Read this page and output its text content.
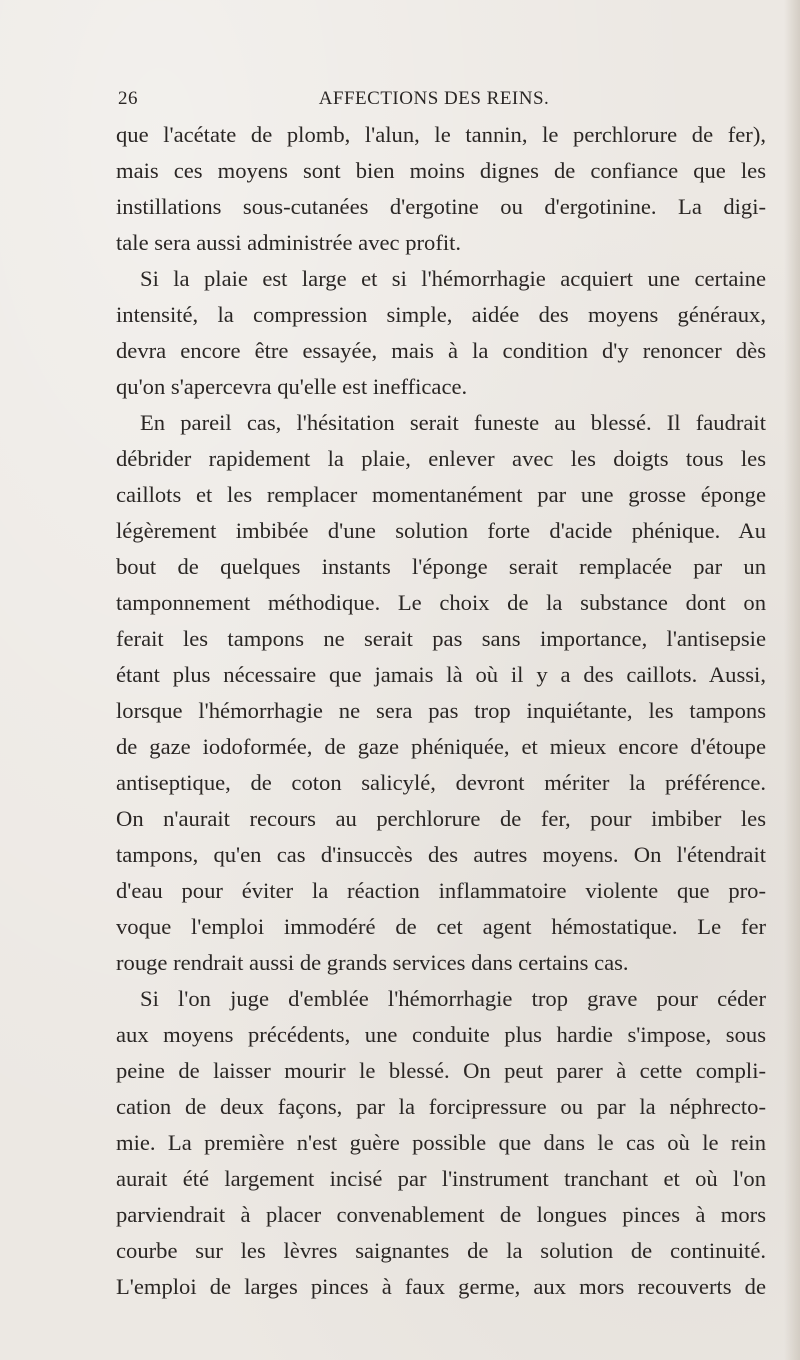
26	AFFECTIONS DES REINS.
que l'acétate de plomb, l'alun, le tannin, le perchlorure de fer),
mais ces moyens sont bien moins dignes de confiance que les
instillations sous-cutanées d'ergotine ou d'ergotinine. La digi-
tale sera aussi administrée avec profit.
Si la plaie est large et si l'hémorrhagie acquiert une certaine
intensité, la compression simple, aidée des moyens généraux,
devra encore être essayée, mais à la condition d'y renoncer dès
qu'on s'apercevra qu'elle est inefficace.
En pareil cas, l'hésitation serait funeste au blessé. Il faudrait
débrider rapidement la plaie, enlever avec les doigts tous les
caillots et les remplacer momentanément par une grosse éponge
légèrement imbibée d'une solution forte d'acide phénique. Au
bout de quelques instants l'éponge serait remplacée par un
tamponnement méthodique. Le choix de la substance dont on
ferait les tampons ne serait pas sans importance, l'antisepsie
étant plus nécessaire que jamais là où il y a des caillots. Aussi,
lorsque l'hémorrhagie ne sera pas trop inquiétante, les tampons
de gaze iodoformée, de gaze phéniquée, et mieux encore d'étoupe
antiseptique, de coton salicylé, devront mériter la préférence.
On n'aurait recours au perchlorure de fer, pour imbiber les
tampons, qu'en cas d'insuccès des autres moyens. On l'étendrait
d'eau pour éviter la réaction inflammatoire violente que pro-
voque l'emploi immodéré de cet agent hémostatique. Le fer
rouge rendrait aussi de grands services dans certains cas.
Si l'on juge d'emblée l'hémorrhagie trop grave pour céder
aux moyens précédents, une conduite plus hardie s'impose, sous
peine de laisser mourir le blessé. On peut parer à cette compli-
cation de deux façons, par la forcipressure ou par la néphrecto-
mie. La première n'est guère possible que dans le cas où le rein
aurait été largement incisé par l'instrument tranchant et où l'on
parviendrait à placer convenablement de longues pinces à mors
courbe sur les lèvres saignantes de la solution de continuité.
L'emploi de larges pinces à faux germe, aux mors recouverts de
